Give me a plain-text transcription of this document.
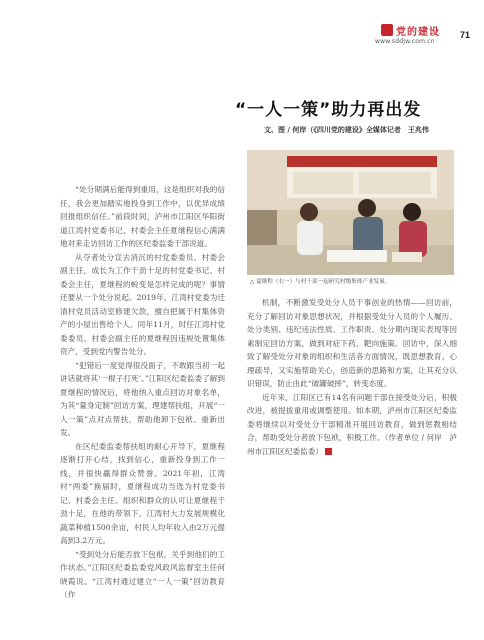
党的建设
www.sddjw.com.cn
71
“一人一策”助力再出发
文、图 / 何岸（《四川党的建设》全媒体记者　王兆伟
△ 夏继程（右一）与村干部一起研究村级集体产业发展。

“处分期满后能得到重用，这是组织对我的信任，我会更加踏实地投身到工作中，以优异成绩回报组织信任。”前段时间，泸州市江阳区华阳街道江湾村党委书记、村委会主任夏继程信心满满地对来走访回访工作的区纪委监委干部说道。

从夺者处分宣去消沉的村党委委员、村委会副主任，成长为工作干劲十足的村党委书记、村委会主任，夏继程的蜕变是怎样完成的呢？事情还要从一个处分说起。2019年，江湾村党委为迁清村党员活动室修建欠款，擅自把属于村集体资产的小屋出售给个人。同年11月，时任江湾村党委委员、村委会副主任的夏继程因违规处置集体资产，受到党内警告处分。

“犯错后一度觉得很没面子，不敢跟当初一起讲话就将其‘一棍子打死’。”江阳区纪委监委了解到夏继程的情况后，将他纳入重点回访对象名单，为其“量身定制”回访方案，理建帮扶组，开展“一人一策”点对点帮扶，帮助他卸下包袱、重新出发。

在区纪委监委帮扶组的耐心开导下，夏继程逐渐打开心结，找到信心，重新投身到工作一线，并很快赢得群众赞誉。2021年初，江湾村“两委”换届时，夏继程成功当选为村党委书记、村委会主任。组织和群众的认可让夏继程干劲十足，在他的带领下，江湾村大力发展规模化蔬菜种植1500余亩，村民人均年收入由2万元提高到3.2万元。

“受到处分后能否放下包袱，关乎到他们的工作状态。”江阳区纪委监委党风政风监督室主任何晓霞说。“江湾村通过建立“一人一策”回访教育（作

机制，不断激发受处分人员干事创业的热情——回访前，充分了解回访对象思想状况，并根据受处分人员的个人履历、处分类别、违纪违法性质、工作职责、处分期内现实表现等因素制定回访方案，做到对症下药、靶向施策。回访中，深入细致了解受处分对象的组织和生活各方面情况，既思想教育、心理疏导，又实施帮助关心，创造新的思路和方案，让其充分认识错误，防止由此“破罐破摔”，转变态度。

近年来，江阳区已有14名有问题干部在接受处分后，积极改进，被提拔重用或调整使用。如本期，泸州市江阳区纪委监委将继续以对受处分干部精准开展回访教育，做到惩教相结合，帮助受处分者放下包袱，积极工作。（作者单位 / 何岸　泸州市江阳区纪委监委）
